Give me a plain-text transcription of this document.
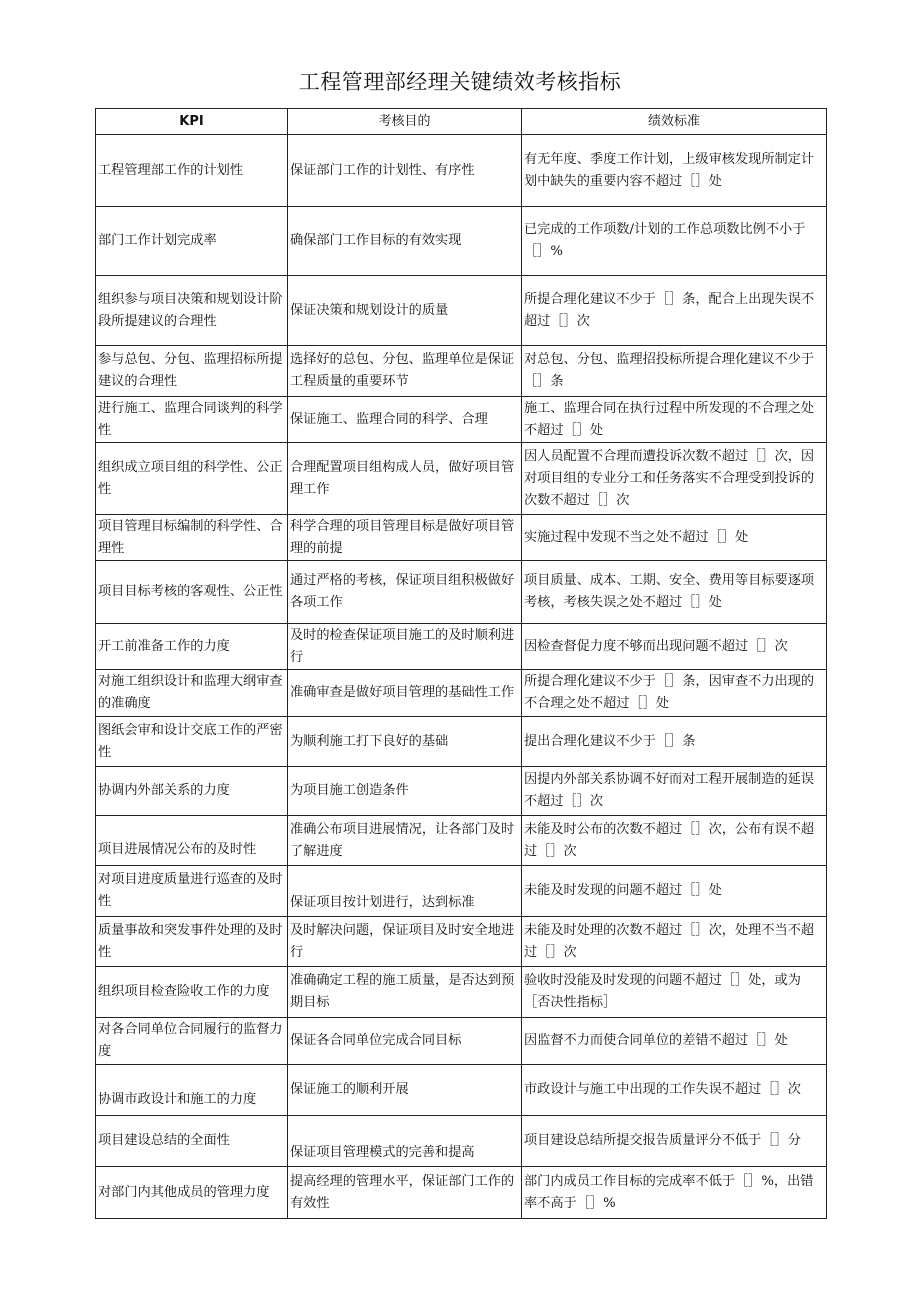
工程管理部经理关键绩效考核指标
KPI	考核目的	绩效标准
工程管理部工作的计划性	保证部门工作的计划性、有序性	有无年度、季度工作计划，上级审核发现所制定计划中缺失的重要内容不超过［］处
部门工作计划完成率	确保部门工作目标的有效实现	已完成的工作项数/计划的工作总项数比例不小于［］%
组织参与项目决策和规划设计阶段所提建议的合理性	保证决策和规划设计的质量	所提合理化建议不少于［］条，配合上出现失误不超过［］次
参与总包、分包、监理招标所提建议的合理性	选择好的总包、分包、监理单位是保证工程质量的重要环节	对总包、分包、监理招投标所提合理化建议不少于［］条
进行施工、监理合同谈判的科学性	保证施工、监理合同的科学、合理	施工、监理合同在执行过程中所发现的不合理之处不超过［］处
组织成立项目组的科学性、公正性	合理配置项目组构成人员，做好项目管理工作	因人员配置不合理而遭投诉次数不超过［］次，因对项目组的专业分工和任务落实不合理受到投诉的次数不超过［］次
项目管理目标编制的科学性、合理性	科学合理的项目管理目标是做好项目管理的前提	实施过程中发现不当之处不超过［］处
项目目标考核的客观性、公正性	通过严格的考核，保证项目组积极做好各项工作	项目质量、成本、工期、安全、费用等目标要逐项考核，考核失误之处不超过［］处
开工前准备工作的力度	及时的检查保证项目施工的及时顺利进行	因检查督促力度不够而出现问题不超过［］次
对施工组织设计和监理大纲审查的准确度	准确审查是做好项目管理的基础性工作	所提合理化建议不少于［］条，因审查不力出现的不合理之处不超过［］处
图纸会审和设计交底工作的严密性	为顺利施工打下良好的基础	提出合理化建议不少于［］条
协调内外部关系的力度	为项目施工创造条件	因提内外部关系协调不好而对工程开展制造的延误不超过［］次
项目进展情况公布的及时性	准确公布项目进展情况，让各部门及时了解进度	未能及时公布的次数不超过［］次，公布有误不超过［］次
对项目进度质量进行巡查的及时性	保证项目按计划进行，达到标准	未能及时发现的问题不超过［］处
质量事故和突发事件处理的及时性	及时解决问题，保证项目及时安全地进行	未能及时处理的次数不超过［］次，处理不当不超过［］次
组织项目检查险收工作的力度	准确确定工程的施工质量，是否达到预期目标	验收时没能及时发现的问题不超过［］处，或为［否决性指标］
对各合同单位合同履行的监督力度	保证各合同单位完成合同目标	因监督不力而使合同单位的差错不超过［］处
协调市政设计和施工的力度	保证施工的顺利开展	市政设计与施工中出现的工作失误不超过［］次
项目建设总结的全面性	保证项目管理模式的完善和提高	项目建设总结所提交报告质量评分不低于［］分
对部门内其他成员的管理力度	提高经理的管理水平，保证部门工作的有效性	部门内成员工作目标的完成率不低于［］%，出错率不高于［］%
